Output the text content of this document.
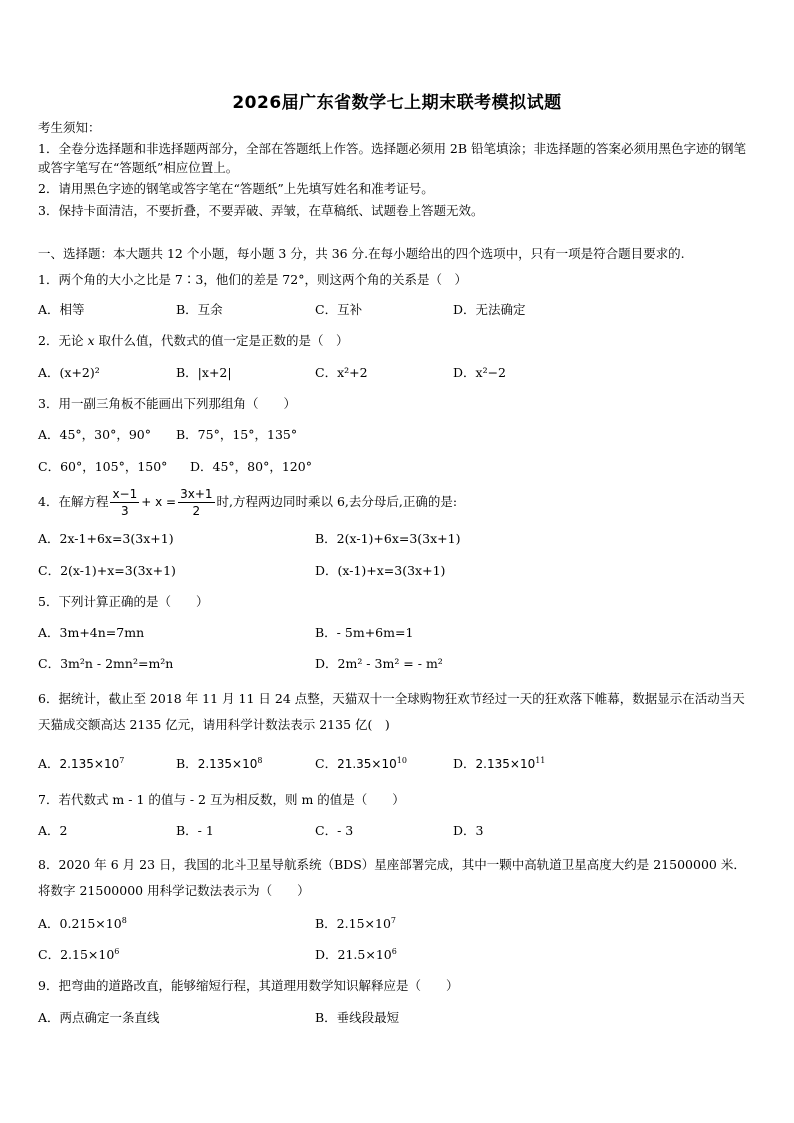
2026届广东省数学七上期末联考模拟试题
考生须知：
1．全卷分选择题和非选择题两部分，全部在答题纸上作答。选择题必须用 2B 铅笔填涂；非选择题的答案必须用黑色字迹的钢笔或答字笔写在“答题纸”相应位置上。
2．请用黑色字迹的钢笔或答字笔在“答题纸”上先填写姓名和准考证号。
3．保持卡面清洁，不要折叠，不要弄破、弄皱，在草稿纸、试题卷上答题无效。
一、选择题：本大题共 12 个小题，每小题 3 分，共 36 分.在每小题给出的四个选项中，只有一项是符合题目要求的.
1．两个角的大小之比是 7∶3，他们的差是 72°，则这两个角的关系是（　）
A．相等	B．互余	C．互补	D．无法确定
2．无论 x 取什么值，代数式的值一定是正数的是（　）
A．(x+2)²	B．|x+2|	C．x²+2	D．x²−2
3．用一副三角板不能画出下列那组角（　　）
A．45°，30°，90° B．75°，15°，135°
C．60°，105°，150° D．45°，80°，120°
4．在解方程 $\frac{x-1}{3} + x = \frac{3x+1}{2}$ 时,方程两边同时乘以 6,去分母后,正确的是:
A．2x-1+6x=3(3x+1)	B．2(x-1)+6x=3(3x+1)
C．2(x-1)+x=3(3x+1)	D．(x-1)+x=3(3x+1)
5．下列计算正确的是（　　）
A．3m+4n=7mn	B．- 5m+6m=1
C．3m²n - 2mn²=m²n	D．2m² - 3m² = - m²
6．据统计，截止至 2018 年 11 月 11 日 24 点整，天猫双十一全球购物狂欢节经过一天的狂欢落下帷幕，数据显示在活动当天天猫成交额高达 2135 亿元，请用科学计数法表示 2135 亿(　)
A．$2.135\times 10^7$	B．$2.135\times 10^8$	C．$21.35\times 10^{10}$	D．$2.135\times 10^{11}$
7．若代数式 m - 1 的值与 - 2 互为相反数，则 m 的值是（　　）
A．2	B．- 1	C．- 3	D．3
8．2020 年 6 月 23 日，我国的北斗卫星导航系统（BDS）星座部署完成，其中一颗中高轨道卫星高度大约是 21500000 米．将数字 21500000 用科学记数法表示为（　　）
A．$0.215\times 10^8$	B．$2.15\times 10^7$
C．$2.15\times 10^6$	D．$21.5\times 10^6$
9．把弯曲的道路改直，能够缩短行程，其道理用数学知识解释应是（　　）
A．两点确定一条直线	B．垂线段最短
